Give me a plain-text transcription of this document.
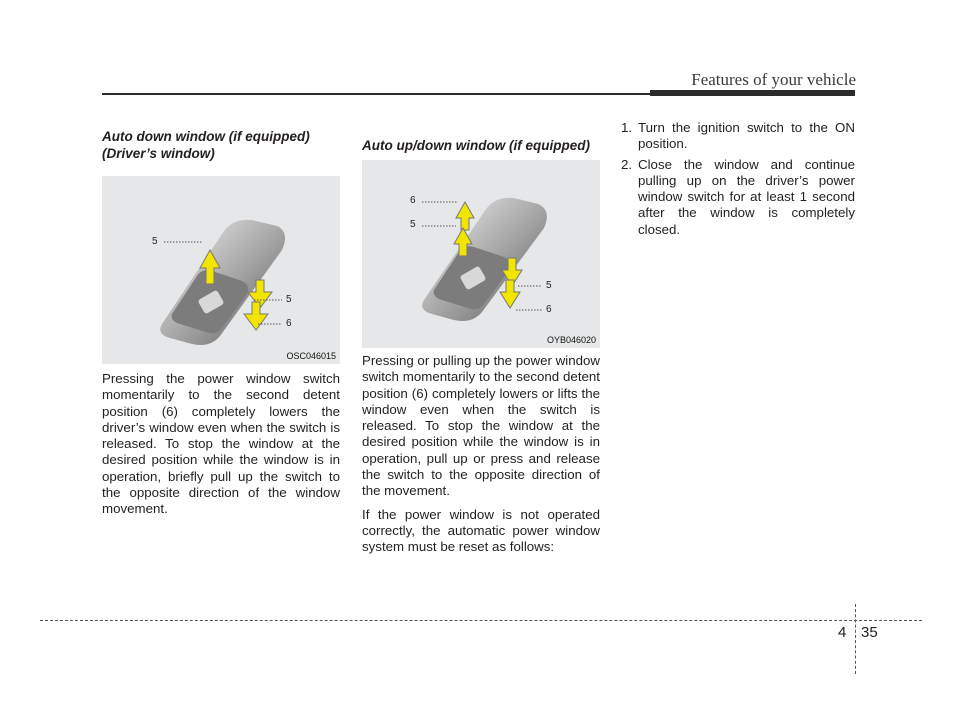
Features of your vehicle

Auto down window (if equipped)
(Driver’s window)

5
5
6
OSC046015

Pressing the power window switch momentarily to the second detent position (6) completely lowers the driver’s window even when the switch is released. To stop the window at the desired position while the window is in operation, briefly pull up the switch to the opposite direction of the window movement.

Auto up/down window (if equipped)

6
5
5
6
OYB046020

Pressing or pulling up the power window switch momentarily to the second detent position (6) completely lowers or lifts the window even when the switch is released. To stop the window at the desired position while the window is in operation, pull up or press and release the switch to the opposite direction of the movement.

If the power window is not operated correctly, the automatic power window system must be reset as follows:

1. Turn the ignition switch to the ON position.
2. Close the window and continue pulling up on the driver’s power window switch for at least 1 second after the window is completely closed.
4 35
